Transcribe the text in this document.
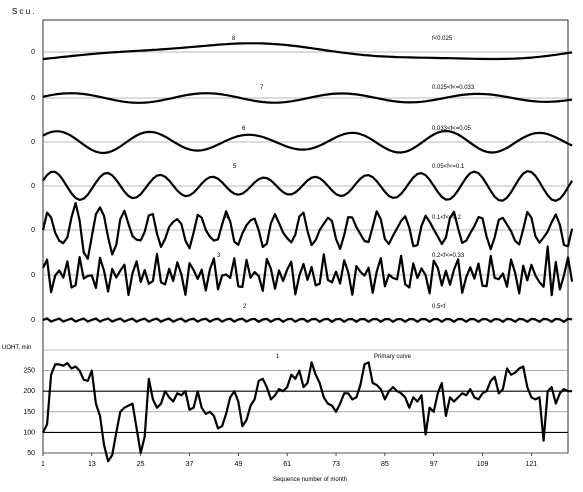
S c u .
UOHT, min
Sequence number of month
1	13	25	37	49	61	73	85	97	109	121
0
8	f<0.025
0
7	0.025<f<=0.033
0
6	0.033<f<=0.05
0
5	0.05<f<=0.1
0
4	0.1<f<=0.2
0
3	0.2<f<=0.33
0
2	0.5<f
50
100
150
200
250
1	Primary curve
